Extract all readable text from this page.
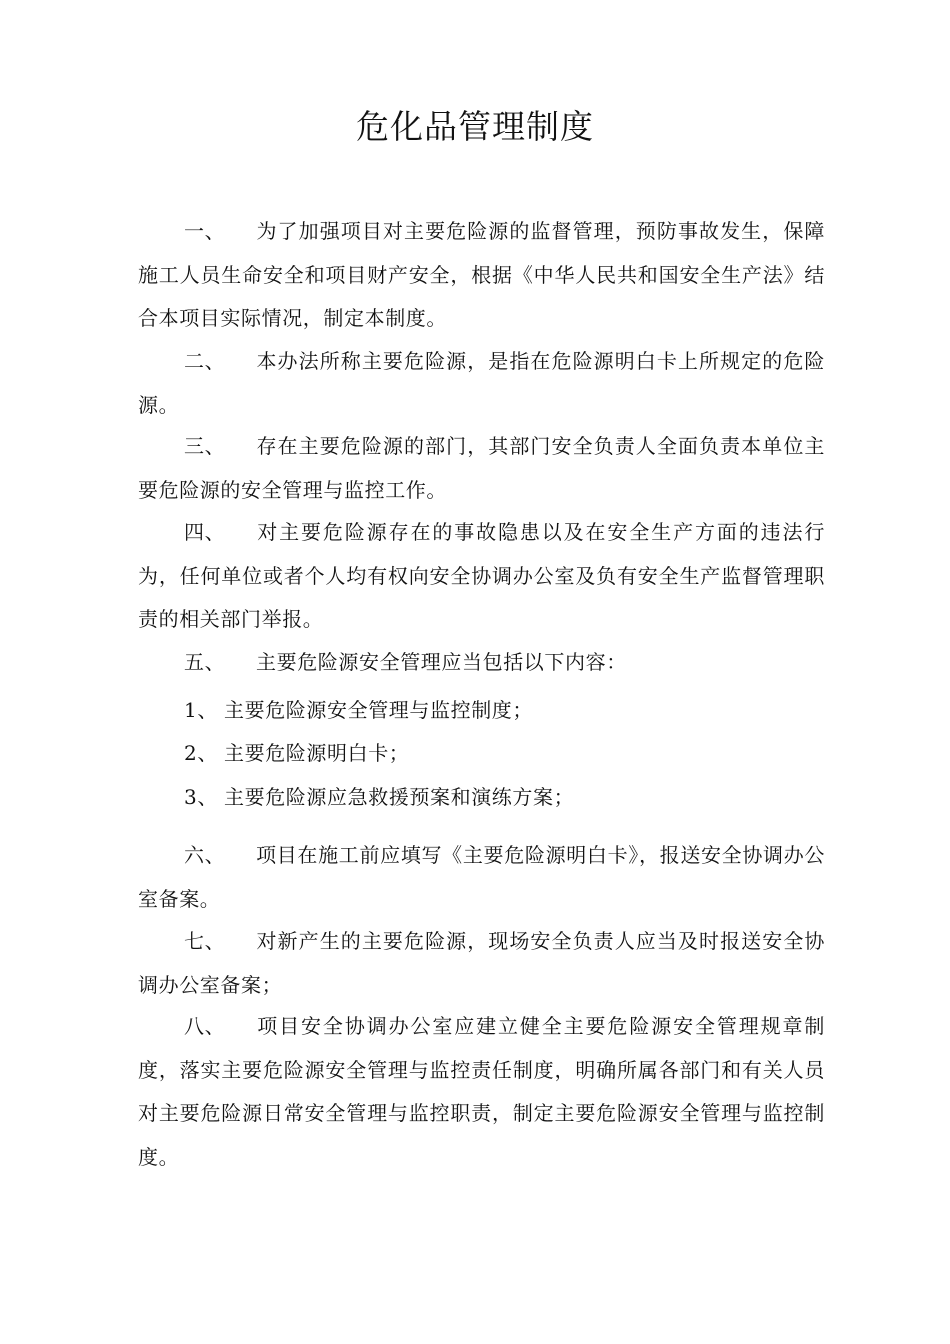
危化品管理制度
一、 为了加强项目对主要危险源的监督管理，预防事故发生，保障施工人员生命安全和项目财产安全，根据《中华人民共和国安全生产法》结合本项目实际情况，制定本制度。
二、 本办法所称主要危险源，是指在危险源明白卡上所规定的危险源。
三、 存在主要危险源的部门，其部门安全负责人全面负责本单位主要危险源的安全管理与监控工作。
四、 对主要危险源存在的事故隐患以及在安全生产方面的违法行为，任何单位或者个人均有权向安全协调办公室及负有安全生产监督管理职责的相关部门举报。
五、 主要危险源安全管理应当包括以下内容：
1、 主要危险源安全管理与监控制度；
2、 主要危险源明白卡；
3、 主要危险源应急救援预案和演练方案；
六、 项目在施工前应填写《主要危险源明白卡》，报送安全协调办公室备案。
七、 对新产生的主要危险源，现场安全负责人应当及时报送安全协调办公室备案；
八、 项目安全协调办公室应建立健全主要危险源安全管理规章制度，落实主要危险源安全管理与监控责任制度，明确所属各部门和有关人员对主要危险源日常安全管理与监控职责，制定主要危险源安全管理与监控制度。
